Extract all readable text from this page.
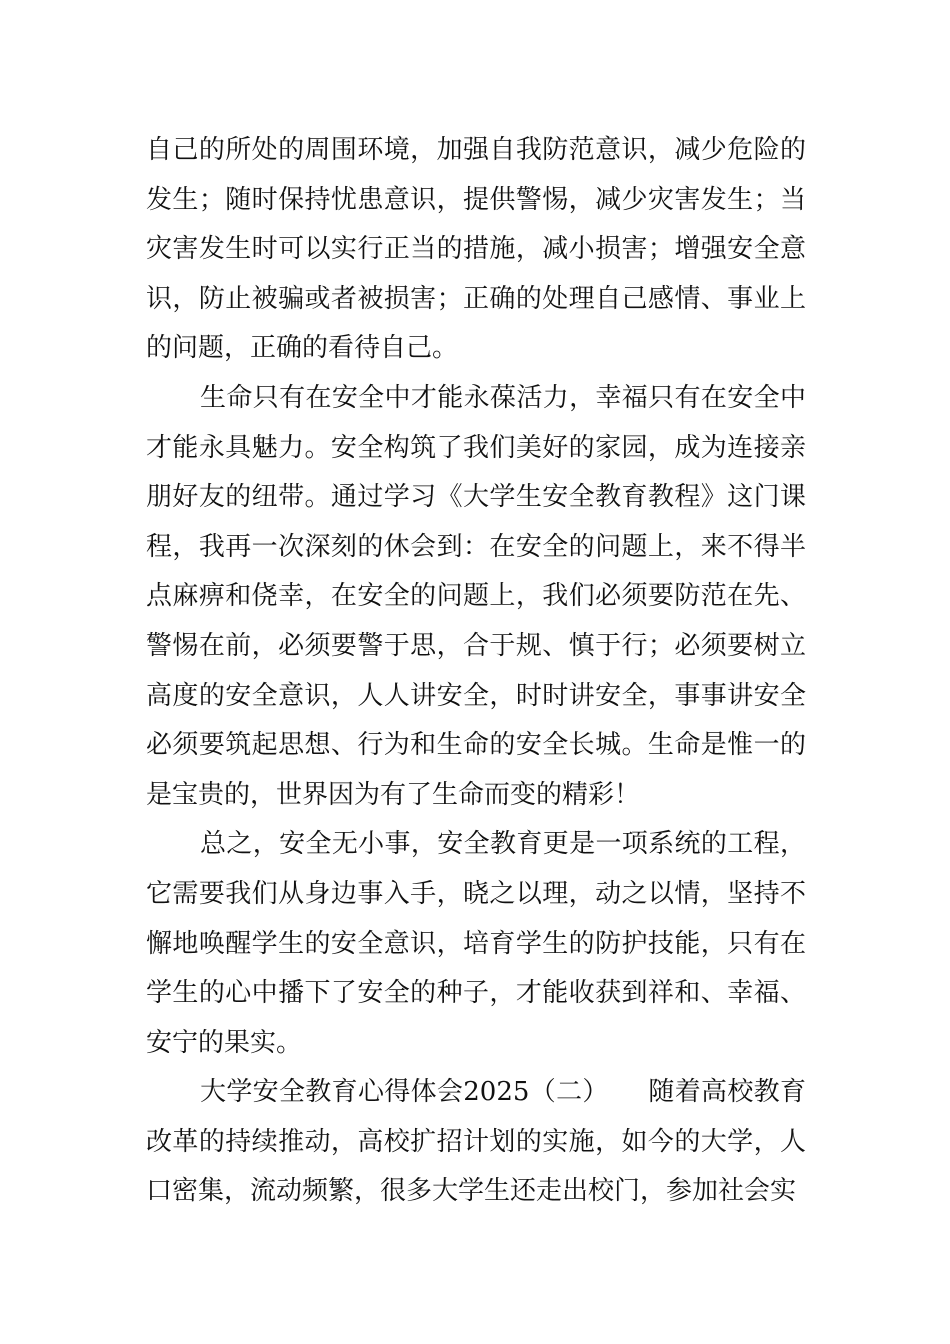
自己的所处的周围环境，加强自我防范意识，减少危险的发生；随时保持忧患意识，提供警惕，减少灾害发生；当灾害发生时可以实行正当的措施，减小损害；增强安全意识，防止被骗或者被损害；正确的处理自己感情、事业上的问题，正确的看待自己。

生命只有在安全中才能永葆活力，幸福只有在安全中才能永具魅力。安全构筑了我们美好的家园，成为连接亲朋好友的纽带。通过学习《大学生安全教育教程》这门课程，我再一次深刻的休会到：在安全的问题上，来不得半点麻痹和侥幸，在安全的问题上，我们必须要防范在先、警惕在前，必须要警于思，合于规、慎于行；必须要树立高度的安全意识，人人讲安全，时时讲安全，事事讲安全必须要筑起思想、行为和生命的安全长城。生命是惟一的是宝贵的，世界因为有了生命而变的精彩！

总之，安全无小事，安全教育更是一项系统的工程，它需要我们从身边事入手，晓之以理，动之以情，坚持不懈地唤醒学生的安全意识，培育学生的防护技能，只有在学生的心中播下了安全的种子，才能收获到祥和、幸福、安宁的果实。

大学安全教育心得体会2025（二）　　随着高校教育改革的持续推动，高校扩招计划的实施，如今的大学，人口密集，流动频繁，很多大学生还走出校门，参加社会实
